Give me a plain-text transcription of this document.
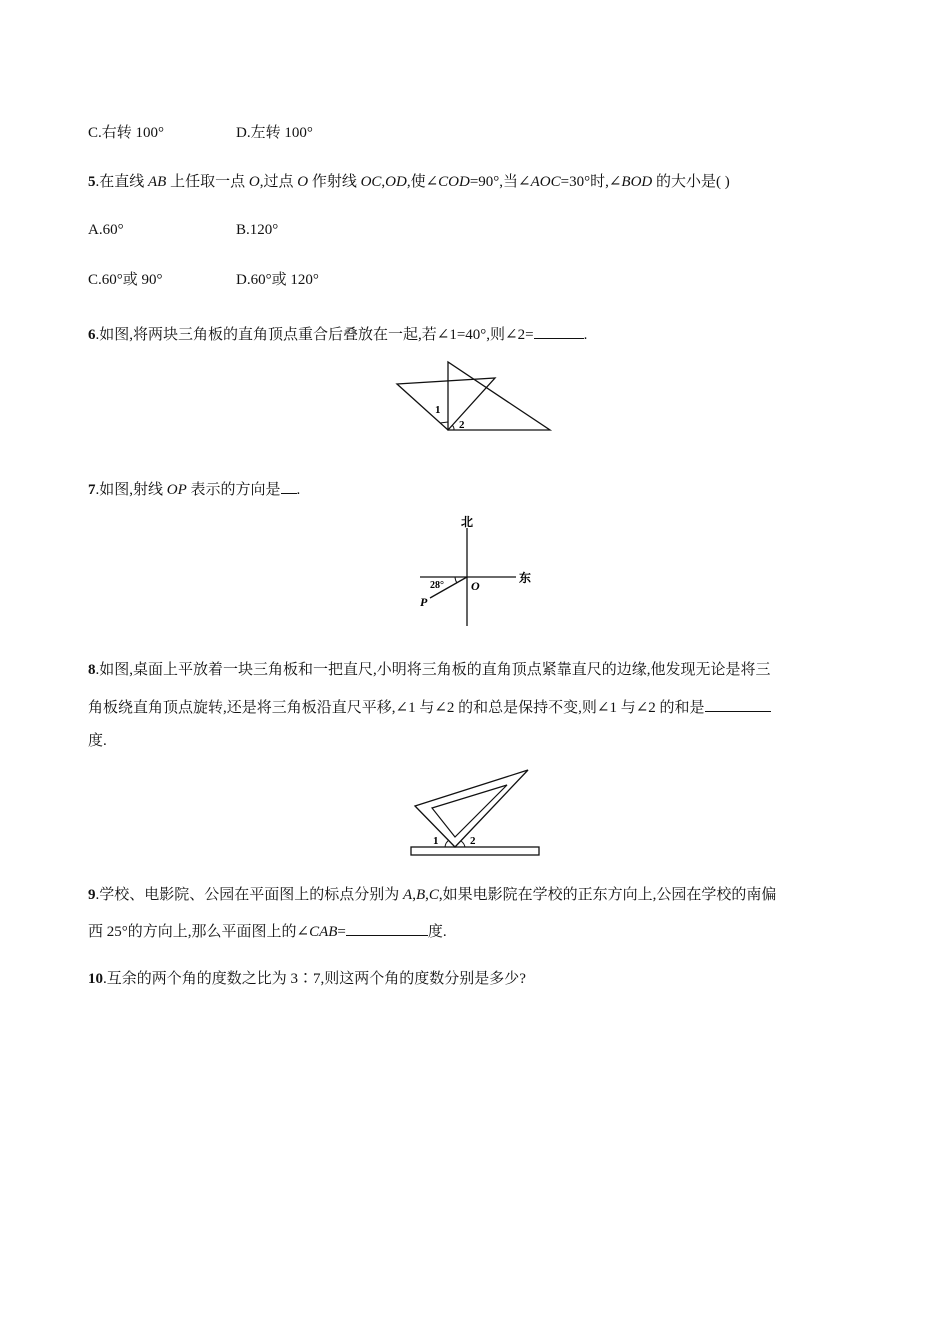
C.右转 100°	D.左转 100°
5.在直线 AB 上任取一点 O,过点 O 作射线 OC,OD,使∠COD=90°,当∠AOC=30°时,∠BOD 的大小是( )
A.60°	B.120°
C.60°或 90°	D.60°或 120°
6.如图,将两块三角板的直角顶点重合后叠放在一起,若∠1=40°,则∠2=	.
1
2
7.如图,射线 OP 表示的方向是 .
北
东
O
P
28°
8.如图,桌面上平放着一块三角板和一把直尺,小明将三角板的直角顶点紧靠直尺的边缘,他发现无论是将三
角板绕直角顶点旋转,还是将三角板沿直尺平移,∠1 与∠2 的和总是保持不变,则∠1 与∠2 的和是
度.
1	2
9.学校、电影院、公园在平面图上的标点分别为 A,B,C,如果电影院在学校的正东方向上,公园在学校的南偏
西 25°的方向上,那么平面图上的∠CAB=	度.
10.互余的两个角的度数之比为 3∶7,则这两个角的度数分别是多少?
